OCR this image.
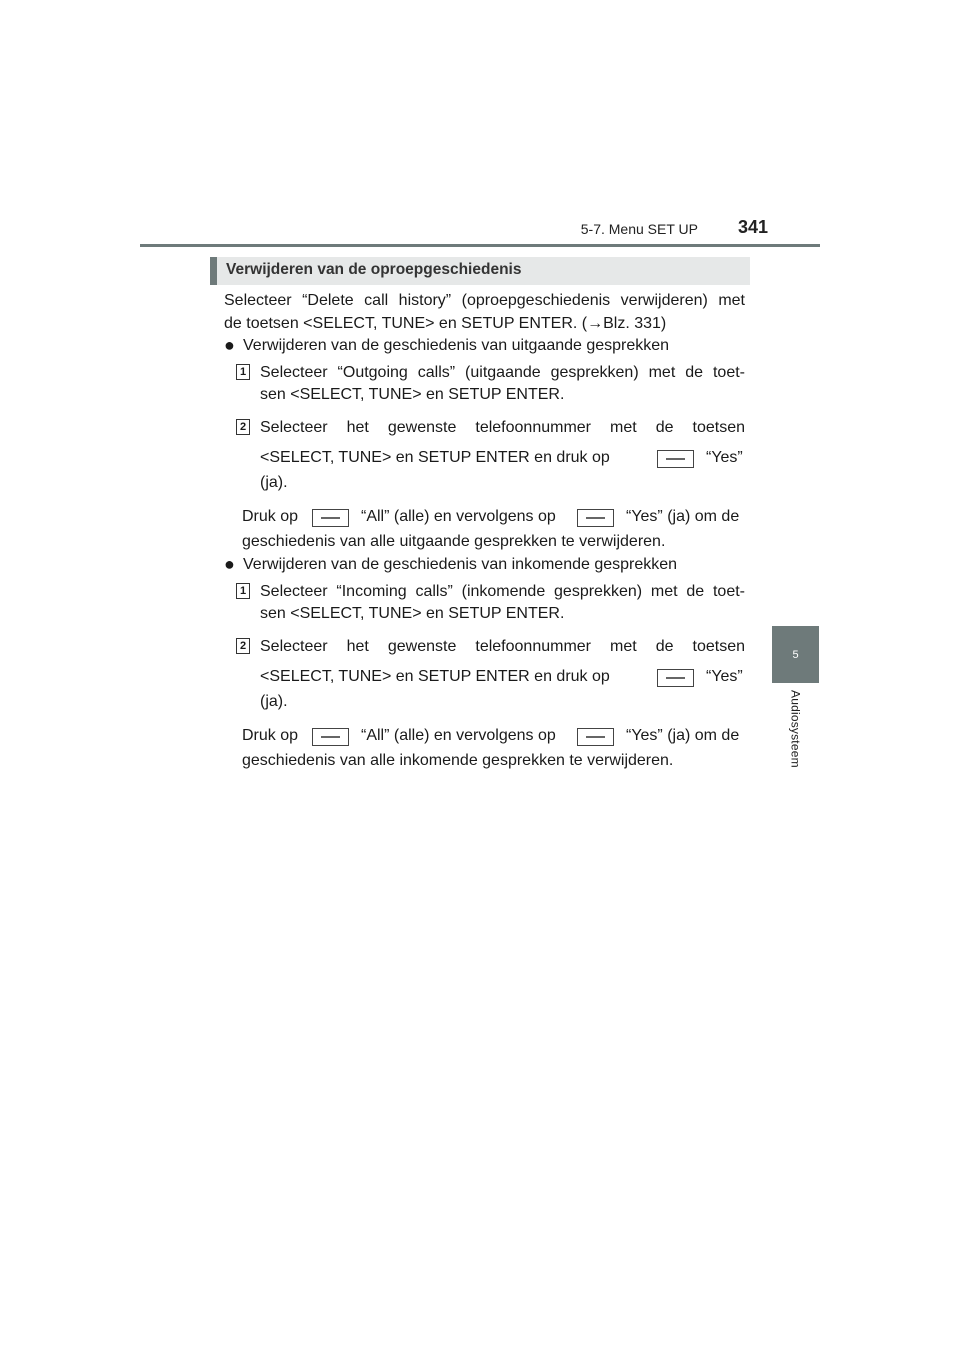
5-7. Menu SET UP 341
5
Audiosysteem
Verwijderen van de oproepgeschiedenis
Selecteer “Delete call history” (oproepgeschiedenis verwijderen) met
de toetsen <SELECT, TUNE> en SETUP ENTER. (→Blz. 331)
● Verwijderen van de geschiedenis van uitgaande gesprekken
1 Selecteer “Outgoing calls” (uitgaande gesprekken) met de toet-
sen <SELECT, TUNE> en SETUP ENTER.
2 Selecteer het gewenste telefoonnummer met de toetsen
<SELECT, TUNE> en SETUP ENTER en druk op	“Yes”
(ja).
Druk op	“All” (alle) en vervolgens op	“Yes” (ja) om de
geschiedenis van alle uitgaande gesprekken te verwijderen.
● Verwijderen van de geschiedenis van inkomende gesprekken
1 Selecteer “Incoming calls” (inkomende gesprekken) met de toet-
sen <SELECT, TUNE> en SETUP ENTER.
2 Selecteer het gewenste telefoonnummer met de toetsen
<SELECT, TUNE> en SETUP ENTER en druk op	“Yes”
(ja).
Druk op	“All” (alle) en vervolgens op	“Yes” (ja) om de
geschiedenis van alle inkomende gesprekken te verwijderen.
